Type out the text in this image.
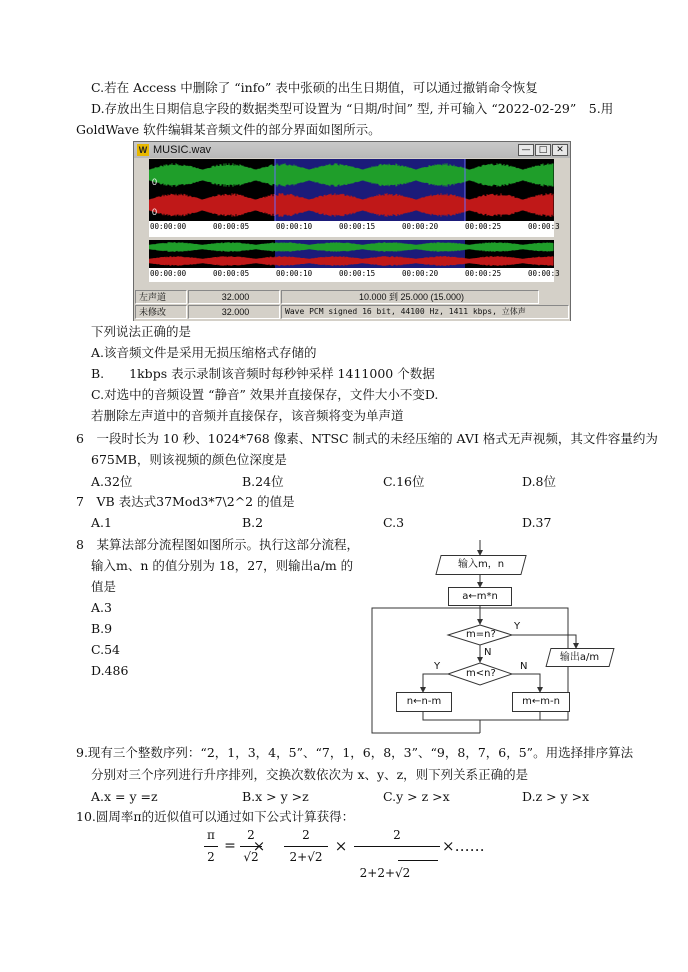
C.若在 Access 中删除了 “info” 表中张硕的出生日期值，可以通过撤销命令恢复
D.存放出生日期信息字段的数据类型可设置为 “日期/时间” 型, 并可输入 “2022-02-29”　5.用
GoldWave 软件编辑某音频文件的部分界面如图所示。
W MUSIC.wav	— □ ✕
0
0
00:00:00	00:00:05	00:00:10	00:00:15	00:00:20	00:00:25	00:00:3
00:00:00	00:00:05	00:00:10	00:00:15	00:00:20	00:00:25	00:00:3
左声道	32.000	10.000 到 25.000 (15.000)
未修改	32.000	Wave PCM signed 16 bit, 44100 Hz, 1411 kbps, 立体声
下列说法正确的是
A.该音频文件是采用无损压缩格式存储的
B.　　1kbps 表示录制该音频时每秒钟采样 1411000 个数据
C.对选中的音频设置 “静音” 效果并直接保存，文件大小不变D.
若删除左声道中的音频并直接保存，该音频将变为单声道
6　一段时长为 10 秒、1024*768 像素、NTSC 制式的未经压缩的 AVI 格式无声视频，其文件容量约为
675MB，则该视频的颜色位深度是
A.32位	B.24位	C.16位	D.8位
7　VB 表达式37Mod3*7\2^2 的值是
A.1	B.2	C.3	D.37
8　某算法部分流程图如图所示。执行这部分流程，
输入m、n 的值分别为 18，27，则输出a/m 的
值是
A.3
B.9
C.54
D.486
输入m，n
a←m*n
m=n?
Y
N	输出a/m
m<n?
Y	N
n←n-m	m←m-n
9.现有三个整数序列：“2，1，3，4，5”、“7，1，6，8，3”、“9，8，7，6，5”。用选择排序算法
分别对三个序列进行升序排列，交换次数依次为 x、y、z，则下列关系正确的是
A.x = y =z	B.x > y >z	C.y > z >x	D.z > y >x
10.圆周率π的近似值可以通过如下公式计算获得：
π
2
=
2
√2
×
2
2+√2
×
2
2+2+√2
×……
